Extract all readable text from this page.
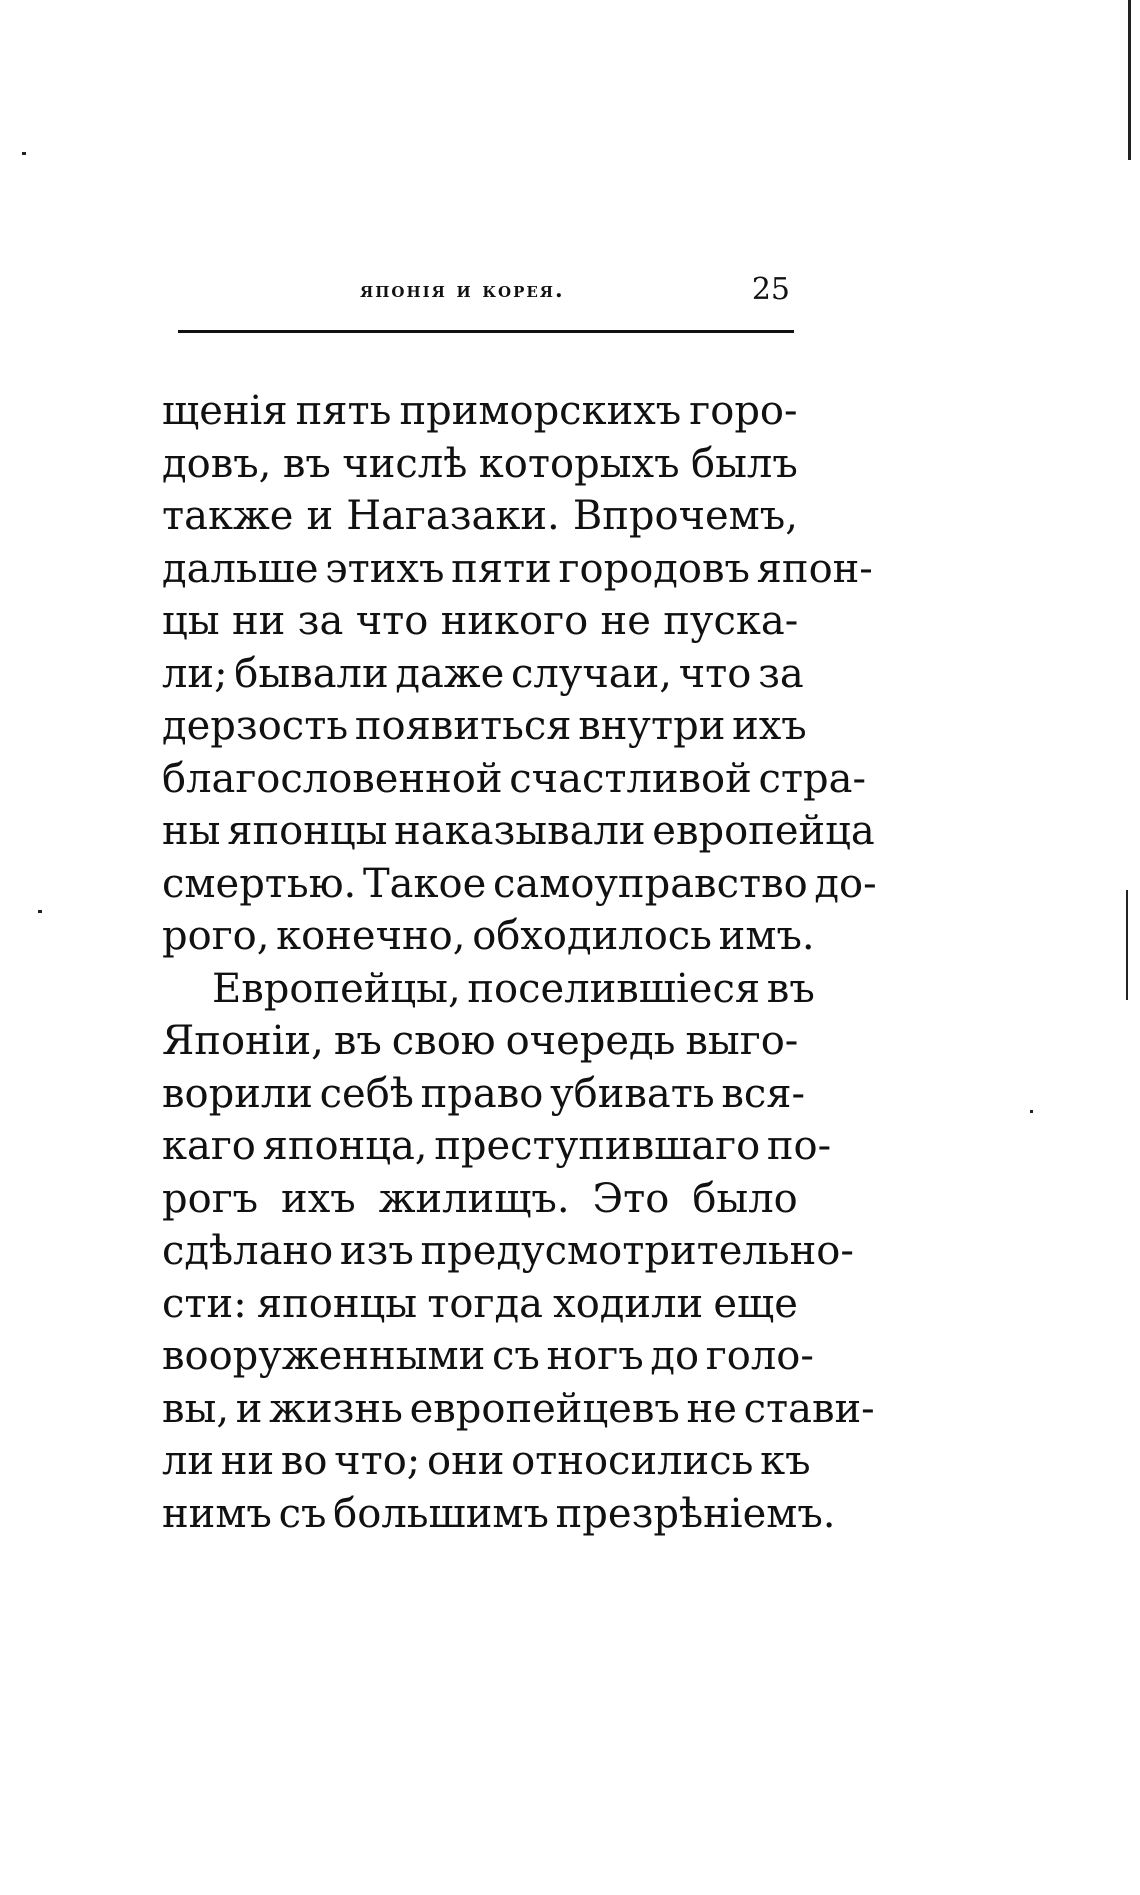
японія и корея.	25

щенія пять приморскихъ горо-
довъ, въ числѣ которыхъ былъ
также и Нагазаки. Впрочемъ,
дальше этихъ пяти городовъ япон-
цы ни за что никого не пуска-
ли; бывали даже случаи, что за
дерзость появиться внутри ихъ
благословенной счастливой стра-
ны японцы наказывали европейца
смертью. Такое самоуправство до-
рого, конечно, обходилось имъ.

Европейцы, поселившіеся въ
Японіи, въ свою очередь выго-
ворили себѣ право убивать вся-
каго японца, преступившаго по-
рогъ ихъ жилищъ. Это было
сдѣлано изъ предусмотрительно-
сти: японцы тогда ходили еще
вооруженными съ ногъ до голо-
вы, и жизнь европейцевъ не стави-
ли ни во что; они относились къ
нимъ съ большимъ презрѣніемъ.
